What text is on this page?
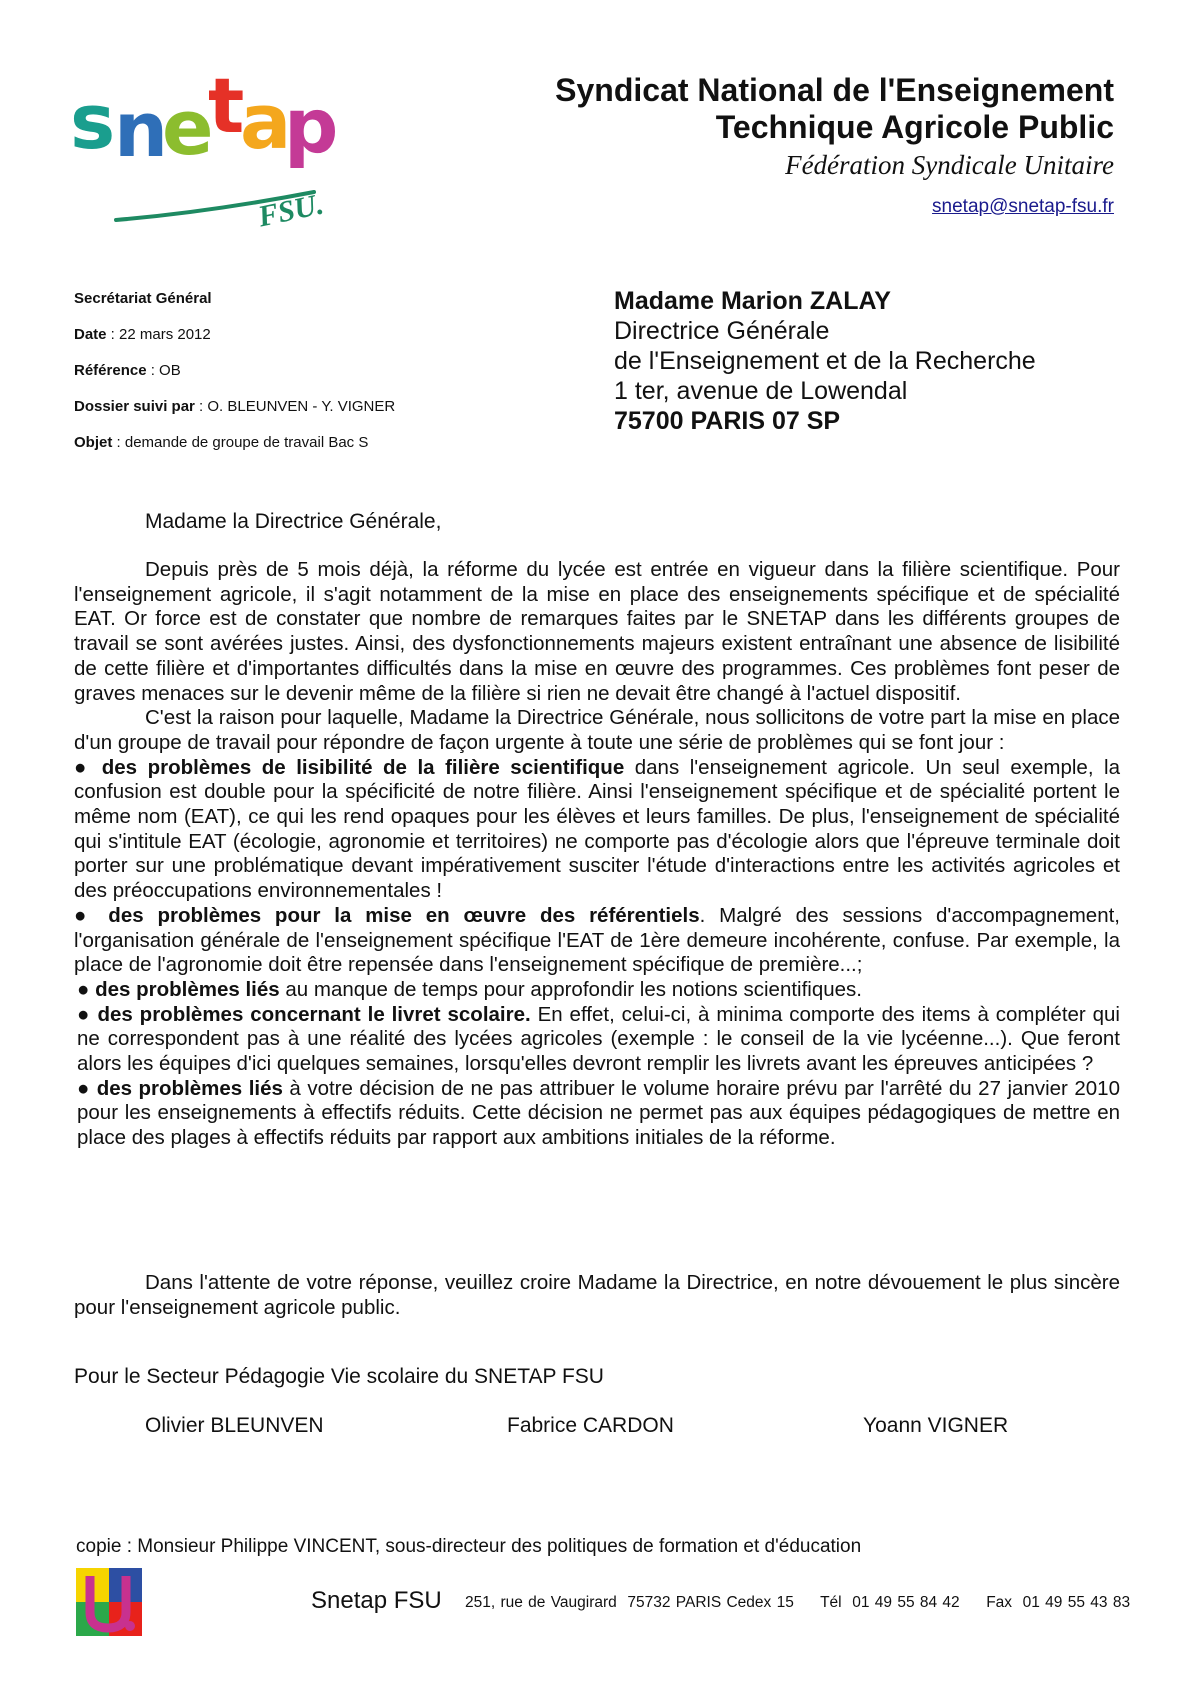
s
n
e
t
a
p
FSU.
Syndicat National de l'Enseignement
Technique Agricole Public
Fédération Syndicale Unitaire
snetap@snetap-fsu.fr
Secrétariat Général
Date : 22 mars 2012
Référence : OB
Dossier suivi par : O. BLEUNVEN - Y. VIGNER
Objet : demande de groupe de travail Bac S
Madame Marion ZALAY
Directrice Générale
de l'Enseignement et de la Recherche
1 ter, avenue de Lowendal
75700 PARIS 07 SP
Madame la Directrice Générale,

Depuis près de 5 mois déjà, la réforme du lycée est entrée en vigueur dans la filière scientifique. Pour l'enseignement agricole, il s'agit notamment de la mise en place des enseignements spécifique et de spécialité EAT. Or force est de constater que nombre de remarques faites par le SNETAP dans les différents groupes de travail se sont avérées justes. Ainsi, des dysfonctionnements majeurs existent entraînant une absence de lisibilité de cette filière et d'importantes difficultés dans la mise en œuvre des programmes. Ces problèmes font peser de graves menaces sur le devenir même de la filière si rien ne devait être changé à l'actuel dispositif.

C'est la raison pour laquelle, Madame la Directrice Générale, nous sollicitons de votre part la mise en place d'un groupe de travail pour répondre de façon urgente à toute une série de problèmes qui se font jour :

● des problèmes de lisibilité de la filière scientifique dans l'enseignement agricole. Un seul exemple, la confusion est double pour la spécificité de notre filière. Ainsi l'enseignement spécifique et de spécialité portent le même nom (EAT), ce qui les rend opaques pour les élèves et leurs familles. De plus, l'enseignement de spécialité qui s'intitule EAT (écologie, agronomie et territoires) ne comporte pas d'écologie alors que l'épreuve terminale doit porter sur une problématique devant impérativement susciter l'étude d'interactions entre les activités agricoles et des préoccupations environnementales !

● des problèmes pour la mise en œuvre des référentiels. Malgré des sessions d'accompagnement, l'organisation générale de l'enseignement spécifique l'EAT de 1ère demeure incohérente, confuse. Par exemple, la place de l'agronomie doit être repensée dans l'enseignement spécifique de première...;

● des problèmes liés au manque de temps pour approfondir les notions scientifiques.

● des problèmes concernant le livret scolaire. En effet, celui-ci, à minima comporte des items à compléter qui ne correspondent pas à une réalité des lycées agricoles (exemple : le conseil de la vie lycéenne...). Que feront alors les équipes d'ici quelques semaines, lorsqu'elles devront remplir les livrets avant les épreuves anticipées ?

● des problèmes liés à votre décision de ne pas attribuer le volume horaire prévu par l'arrêté du 27 janvier 2010 pour les enseignements à effectifs réduits. Cette décision ne permet pas aux équipes pédagogiques de mettre en place des plages à effectifs réduits par rapport aux ambitions initiales de la réforme.

Dans l'attente de votre réponse, veuillez croire Madame la Directrice, en notre dévouement le plus sincère pour l'enseignement agricole public.

Pour le Secteur Pédagogie Vie scolaire du SNETAP FSU
Olivier BLEUNVEN	Fabrice CARDON	Yoann VIGNER
copie : Monsieur Philippe VINCENT, sous-directeur des politiques de formation et d'éducation
Snetap FSU 251, rue de Vaugirard  75732 PARIS Cedex 15     Tél  01 49 55 84 42     Fax  01 49 55 43 83
